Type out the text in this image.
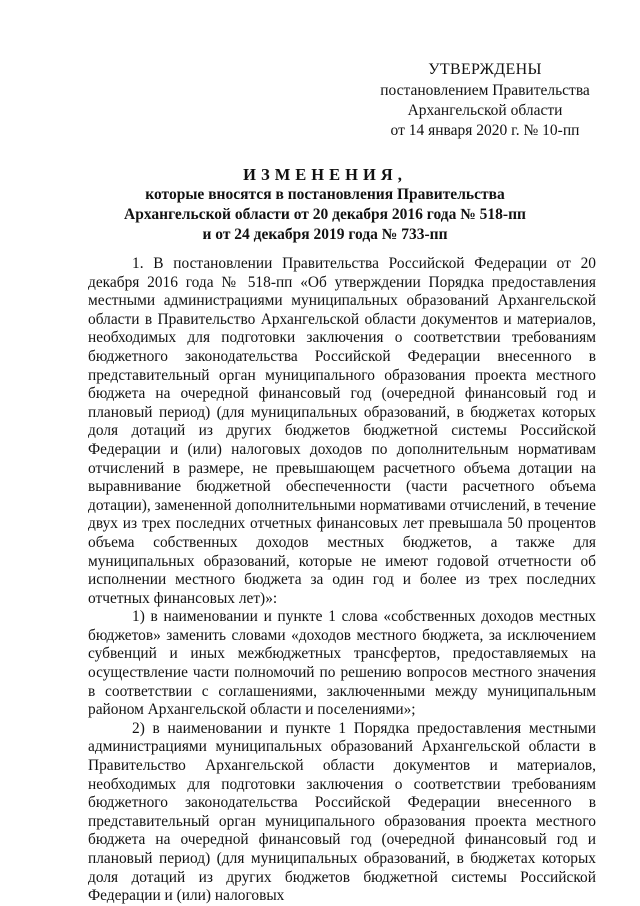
УТВЕРЖДЕНЫ
постановлением Правительства
Архангельской области
от 14 января 2020 г. № 10-пп
ИЗМЕНЕНИЯ,
которые вносятся в постановления Правительства
Архангельской области от 20 декабря 2016 года № 518-пп
и от 24 декабря 2019 года № 733-пп

1. В постановлении Правительства Российской Федерации от 20 декабря 2016 года № 518-пп «Об утверждении Порядка предоставления местными администрациями муниципальных образований Архангельской области в Правительство Архангельской области документов и материалов, необходимых для подготовки заключения о соответствии требованиям бюджетного законодательства Российской Федерации внесенного в представительный орган муниципального образования проекта местного бюджета на очередной финансовый год (очередной финансовый год и плановый период) (для муниципальных образований, в бюджетах которых доля дотаций из других бюджетов бюджетной системы Российской Федерации и (или) налоговых доходов по дополнительным нормативам отчислений в размере, не превышающем расчетного объема дотации на выравнивание бюджетной обеспеченности (части расчетного объема дотации), замененной дополнительными нормативами отчислений, в течение двух из трех последних отчетных финансовых лет превышала 50 процентов объема собственных доходов местных бюджетов, а также для муниципальных образований, которые не имеют годовой отчетности об исполнении местного бюджета за один год и более из трех последних отчетных финансовых лет)»:

1) в наименовании и пункте 1 слова «собственных доходов местных бюджетов» заменить словами «доходов местного бюджета, за исключением субвенций и иных межбюджетных трансфертов, предоставляемых на осуществление части полномочий по решению вопросов местного значения в соответствии с соглашениями, заключенными между муниципальным районом Архангельской области и поселениями»;

2) в наименовании и пункте 1 Порядка предоставления местными администрациями муниципальных образований Архангельской области в Правительство Архангельской области документов и материалов, необходимых для подготовки заключения о соответствии требованиям бюджетного законодательства Российской Федерации внесенного в представительный орган муниципального образования проекта местного бюджета на очередной финансовый год (очередной финансовый год и плановый период) (для муниципальных образований, в бюджетах которых доля дотаций из других бюджетов бюджетной системы Российской Федерации и (или) налоговых
